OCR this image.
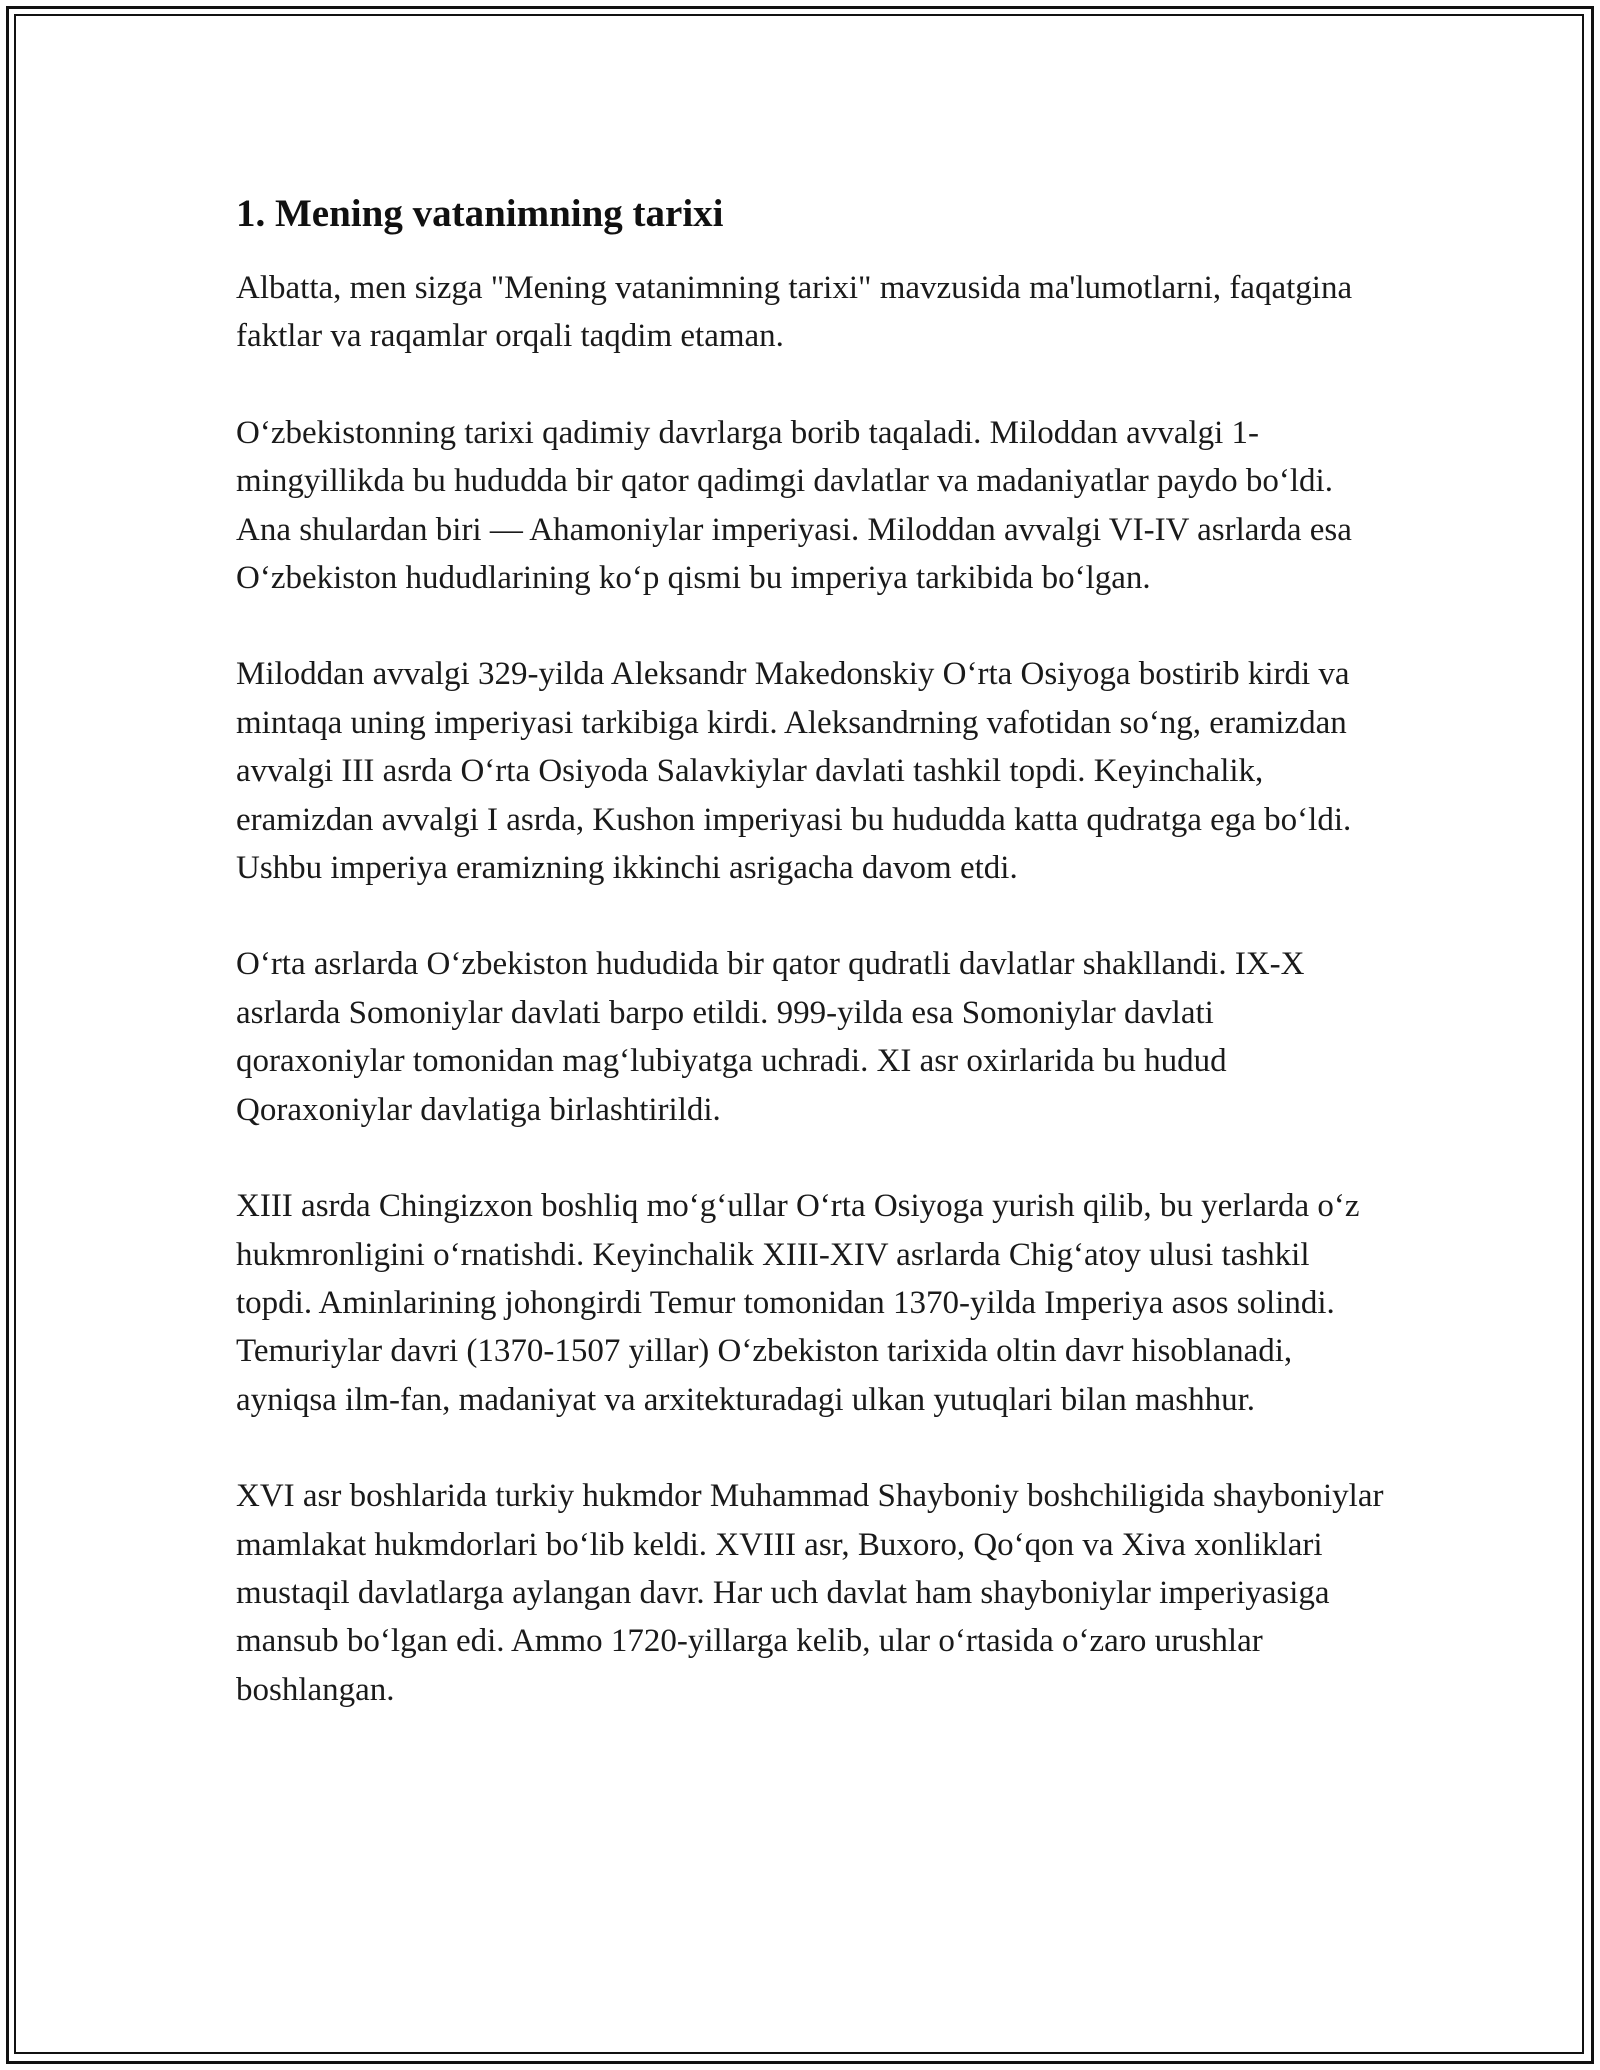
1. Mening vatanimning tarixi

Albatta, men sizga "Mening vatanimning tarixi" mavzusida ma'lumotlarni, faqatgina faktlar va raqamlar orqali taqdim etaman.

O‘zbekistonning tarixi qadimiy davrlarga borib taqaladi. Miloddan avvalgi 1-mingyillikda bu hududda bir qator qadimgi davlatlar va madaniyatlar paydo bo‘ldi. Ana shulardan biri — Ahamoniylar imperiyasi. Miloddan avvalgi VI-IV asrlarda esa O‘zbekiston hududlarining ko‘p qismi bu imperiya tarkibida bo‘lgan.

Miloddan avvalgi 329-yilda Aleksandr Makedonskiy O‘rta Osiyoga bostirib kirdi va mintaqa uning imperiyasi tarkibiga kirdi. Aleksandrning vafotidan so‘ng, eramizdan avvalgi III asrda O‘rta Osiyoda Salavkiylar davlati tashkil topdi. Keyinchalik, eramizdan avvalgi I asrda, Kushon imperiyasi bu hududda katta qudratga ega bo‘ldi. Ushbu imperiya eramizning ikkinchi asrigacha davom etdi.

O‘rta asrlarda O‘zbekiston hududida bir qator qudratli davlatlar shakllandi. IX-X asrlarda Somoniylar davlati barpo etildi. 999-yilda esa Somoniylar davlati qoraxoniylar tomonidan mag‘lubiyatga uchradi. XI asr oxirlarida bu hudud Qoraxoniylar davlatiga birlashtirildi.

XIII asrda Chingizxon boshliq mo‘g‘ullar O‘rta Osiyoga yurish qilib, bu yerlarda o‘z hukmronligini o‘rnatishdi. Keyinchalik XIII-XIV asrlarda Chig‘atoy ulusi tashkil topdi. Aminlarining johongirdi Temur tomonidan 1370-yilda Imperiya asos solindi. Temuriylar davri (1370-1507 yillar) O‘zbekiston tarixida oltin davr hisoblanadi, ayniqsa ilm-fan, madaniyat va arxitekturadagi ulkan yutuqlari bilan mashhur.

XVI asr boshlarida turkiy hukmdor Muhammad Shayboniy boshchiligida shayboniylar mamlakat hukmdorlari bo‘lib keldi. XVIII asr, Buxoro, Qo‘qon va Xiva xonliklari mustaqil davlatlarga aylangan davr. Har uch davlat ham shayboniylar imperiyasiga mansub bo‘lgan edi. Ammo 1720-yillarga kelib, ular o‘rtasida o‘zaro urushlar boshlangan.
